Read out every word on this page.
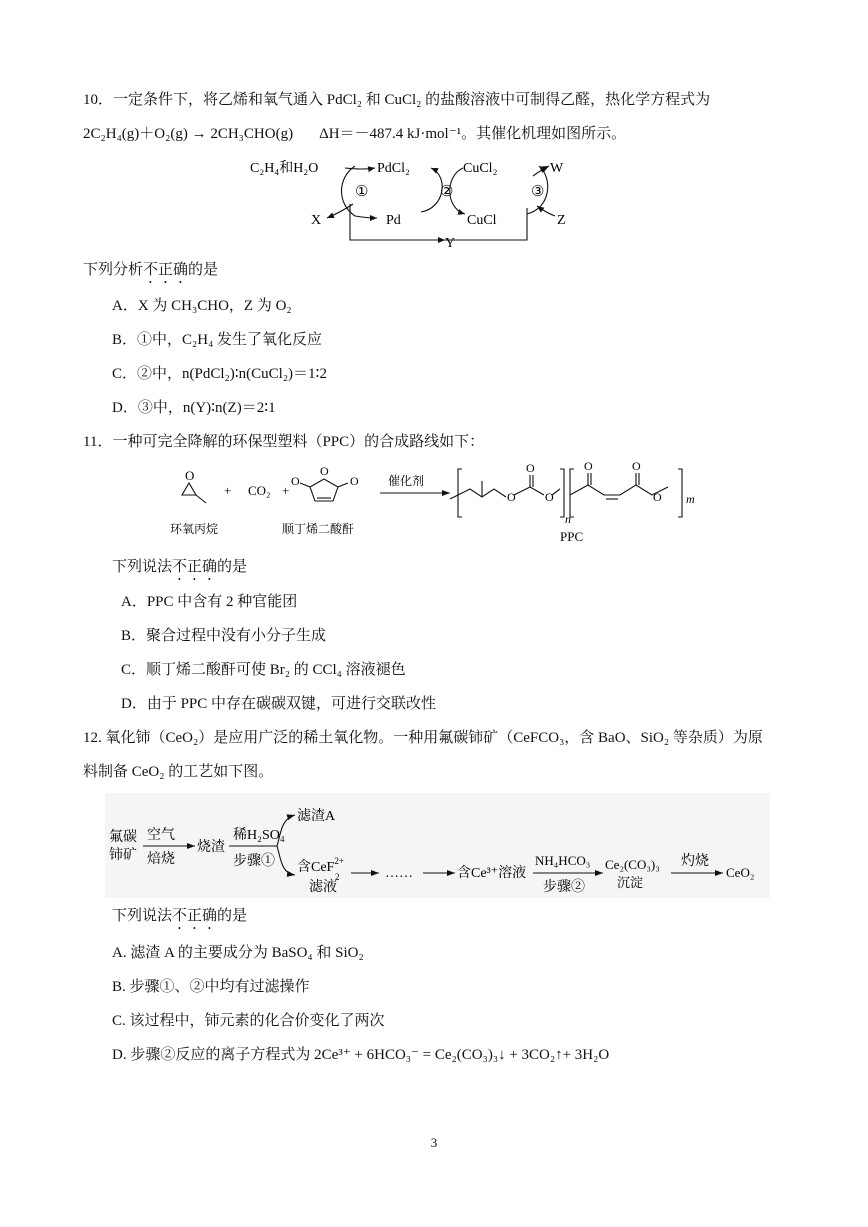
10．一定条件下，将乙烯和氧气通入 PdCl₂ 和 CuCl₂ 的盐酸溶液中可制得乙醛，热化学方程式为
2C₂H₄(g)＋O₂(g) → 2CH₃CHO(g) ΔH＝－487.4 kJ·mol⁻¹。其催化机理如图所示。
C₂H₄和H₂O	PdCl₂	CuCl₂	W
①	②	③
X	Pd	CuCl	Z
Y
下列分析不正确的是
A．X 为 CH₃CHO，Z 为 O₂
B．①中，C₂H₄ 发生了氧化反应
C．②中，n(PdCl₂)∶n(CuCl₂)＝1∶2
D．③中，n(Y)∶n(Z)＝2∶1
11．一种可完全降解的环保型塑料（PPC）的合成路线如下：
O
+ CO₂ +
O
O	O 催化剂
O O
O	O	O
O
n
m
环氧丙烷	顺丁烯二酸酐	PPC
下列说法不正确的是
A．PPC 中含有 2 种官能团
B．聚合过程中没有小分子生成
C．顺丁烯二酸酐可使 Br₂ 的 CCl₄ 溶液褪色
D．由于 PPC 中存在碳碳双键，可进行交联改性
12. 氧化铈（CeO₂）是应用广泛的稀土氧化物。一种用氟碳铈矿（CeFCO₃，含 BaO、SiO₂ 等杂质）为原
料制备 CeO₂ 的工艺如下图。
氟碳
铈矿
空气
焙烧
烧渣
稀H₂SO₄
步骤①
滤渣A
含CeF$^{2+}$
2
滤液
……	含Ce³⁺溶液
NH₄HCO₃
步骤②
Ce₂(CO₃)₃
沉淀
灼烧
CeO₂
下列说法不正确的是
A. 滤渣 A 的主要成分为 BaSO₄ 和 SiO₂
B. 步骤①、②中均有过滤操作
C. 该过程中，铈元素的化合价变化了两次
D. 步骤②反应的离子方程式为 2Ce³⁺ + 6HCO₃⁻ = Ce₂(CO₃)₃↓ + 3CO₂↑+ 3H₂O
3
